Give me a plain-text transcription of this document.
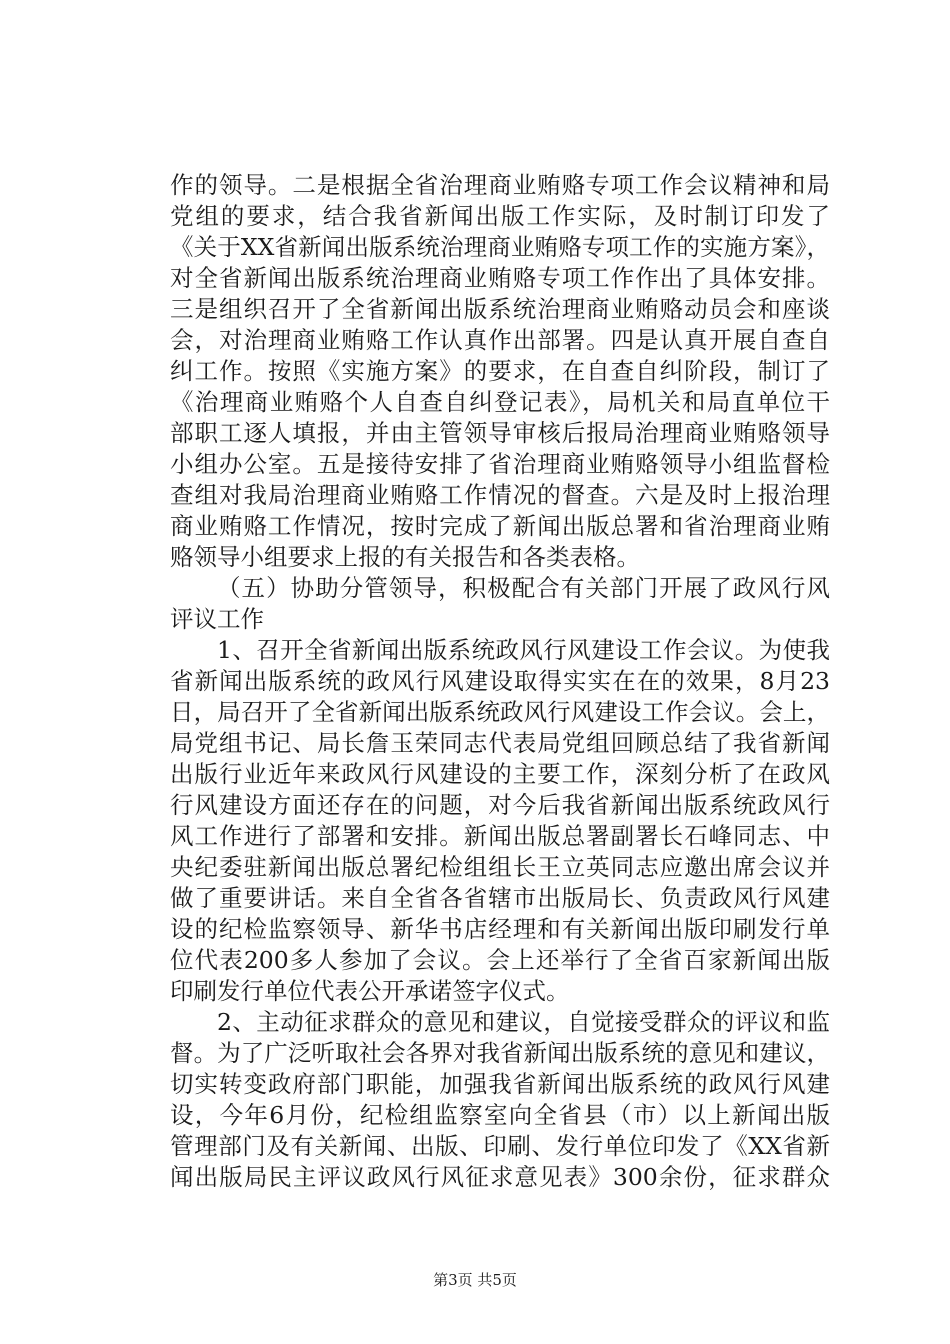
作的领导。二是根据全省治理商业贿赂专项工作会议精神和局
党组的要求，结合我省新闻出版工作实际，及时制订印发了
《关于XX省新闻出版系统治理商业贿赂专项工作的实施方案》，
对全省新闻出版系统治理商业贿赂专项工作作出了具体安排。
三是组织召开了全省新闻出版系统治理商业贿赂动员会和座谈
会，对治理商业贿赂工作认真作出部署。四是认真开展自查自
纠工作。按照《实施方案》的要求，在自查自纠阶段，制订了
《治理商业贿赂个人自查自纠登记表》，局机关和局直单位干
部职工逐人填报，并由主管领导审核后报局治理商业贿赂领导
小组办公室。五是接待安排了省治理商业贿赂领导小组监督检
查组对我局治理商业贿赂工作情况的督查。六是及时上报治理
商业贿赂工作情况，按时完成了新闻出版总署和省治理商业贿
赂领导小组要求上报的有关报告和各类表格。
（五）协助分管领导，积极配合有关部门开展了政风行风
评议工作
1、召开全省新闻出版系统政风行风建设工作会议。为使我
省新闻出版系统的政风行风建设取得实实在在的效果，8月23
日，局召开了全省新闻出版系统政风行风建设工作会议。会上，
局党组书记、局长詹玉荣同志代表局党组回顾总结了我省新闻
出版行业近年来政风行风建设的主要工作，深刻分析了在政风
行风建设方面还存在的问题，对今后我省新闻出版系统政风行
风工作进行了部署和安排。新闻出版总署副署长石峰同志、中
央纪委驻新闻出版总署纪检组组长王立英同志应邀出席会议并
做了重要讲话。来自全省各省辖市出版局长、负责政风行风建
设的纪检监察领导、新华书店经理和有关新闻出版印刷发行单
位代表200多人参加了会议。会上还举行了全省百家新闻出版
印刷发行单位代表公开承诺签字仪式。
2、主动征求群众的意见和建议，自觉接受群众的评议和监
督。为了广泛听取社会各界对我省新闻出版系统的意见和建议，
切实转变政府部门职能，加强我省新闻出版系统的政风行风建
设，今年6月份，纪检组监察室向全省县（市）以上新闻出版
管理部门及有关新闻、出版、印刷、发行单位印发了《XX省新
闻出版局民主评议政风行风征求意见表》300余份，征求群众
第3页 共5页
